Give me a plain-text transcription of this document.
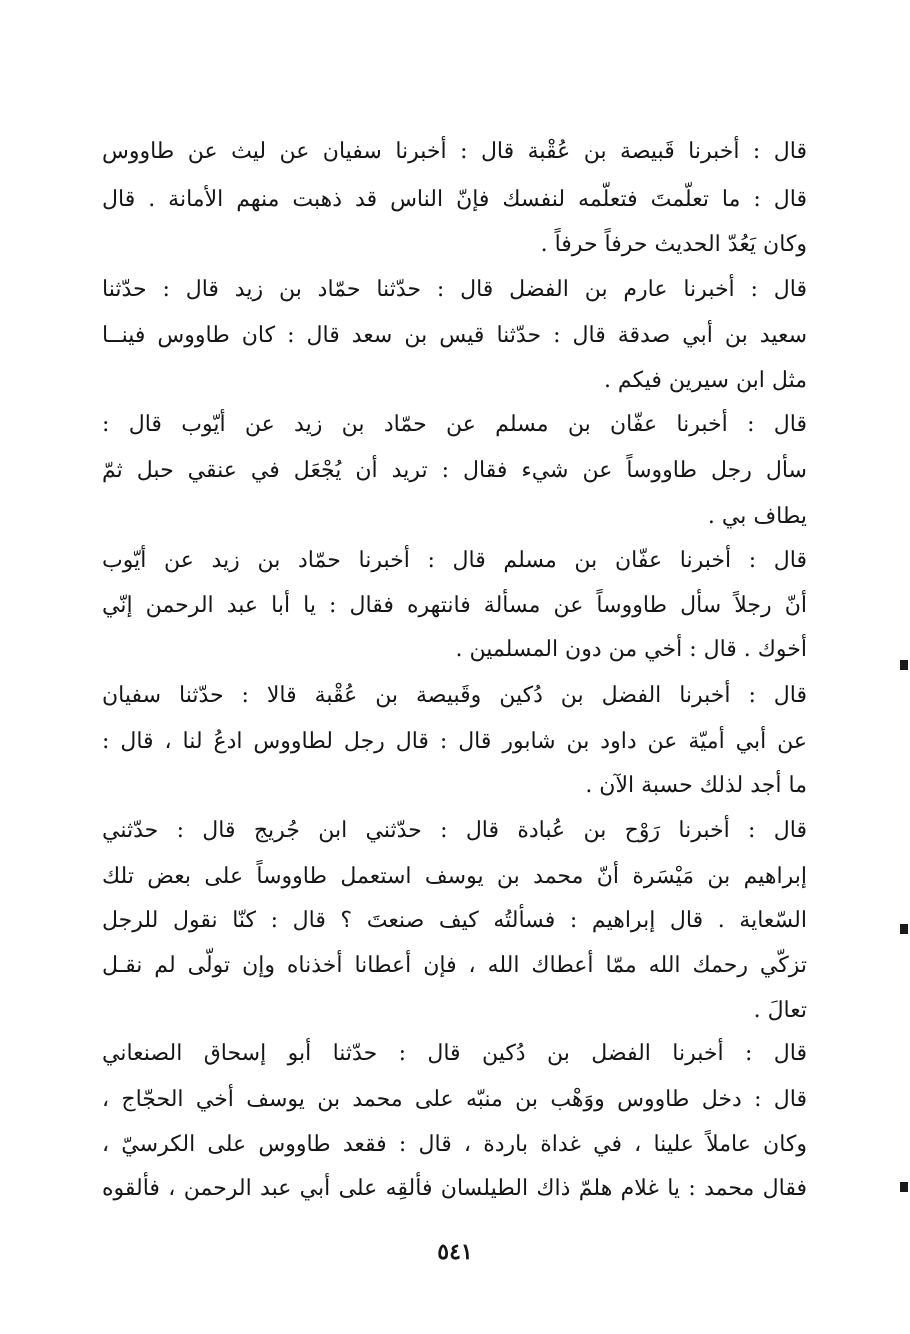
قال : أخبرنا قَبيصة بن عُقْبة قال : أخبرنا سفيان عن ليث عن طاووس

قال : ما تعلّمتَ فتعلّمه لنفسك فإنّ الناس قد ذهبت منهم الأمانة . قال

وكان يَعُدّ الحديث حرفاً حرفاً .

قال : أخبرنا عارم بن الفضل قال : حدّثنا حمّاد بن زيد قال : حدّثنا

سعيد بن أبي صدقة قال : حدّثنا قيس بن سعد قال : كان طاووس فينــا

مثل ابن سيرين فيكم .

قال : أخبرنا عفّان بن مسلم عن حمّاد بن زيد عن أيّوب قال :

سأل رجل طاووساً عن شيء فقال : تريد أن يُجْعَل في عنقي حبل ثمّ

يطاف بي .

قال : أخبرنا عفّان بن مسلم قال : أخبرنا حمّاد بن زيد عن أيّوب

أنّ رجلاً سأل طاووساً عن مسألة فانتهره فقال : يا أبا عبد الرحمن إنّي

أخوك . قال : أخي من دون المسلمين .

قال : أخبرنا الفضل بن دُكين وقَبيصة بن عُقْبة قالا : حدّثنا سفيان

عن أبي أميّة عن داود بن شابور قال : قال رجل لطاووس ادعُ لنا ، قال :

ما أجد لذلك حسبة الآن .

قال : أخبرنا رَوْح بن عُبادة قال : حدّثني ابن جُريج قال : حدّثني

إبراهيم بن مَيْسَرة أنّ محمد بن يوسف استعمل طاووساً على بعض تلك

السّعاية . قال إبراهيم : فسألتُه كيف صنعتَ ؟ قال : كنّا نقول للرجل

تزكّي رحمك الله ممّا أعطاك الله ، فإن أعطانا أخذناه وإن تولّى لم نقـل

تعالَ .

قال : أخبرنا الفضل بن دُكين قال : حدّثنا أبو إسحاق الصنعاني

قال : دخل طاووس ووَهْب بن منبّه على محمد بن يوسف أخي الحجّاج ،

وكان عاملاً علينا ، في غداة باردة ، قال : فقعد طاووس على الكرسيّ ،

فقال محمد : يا غلام هلمّ ذاك الطيلسان فألقِه على أبي عبد الرحمن ، فألقوه

٥٤١
